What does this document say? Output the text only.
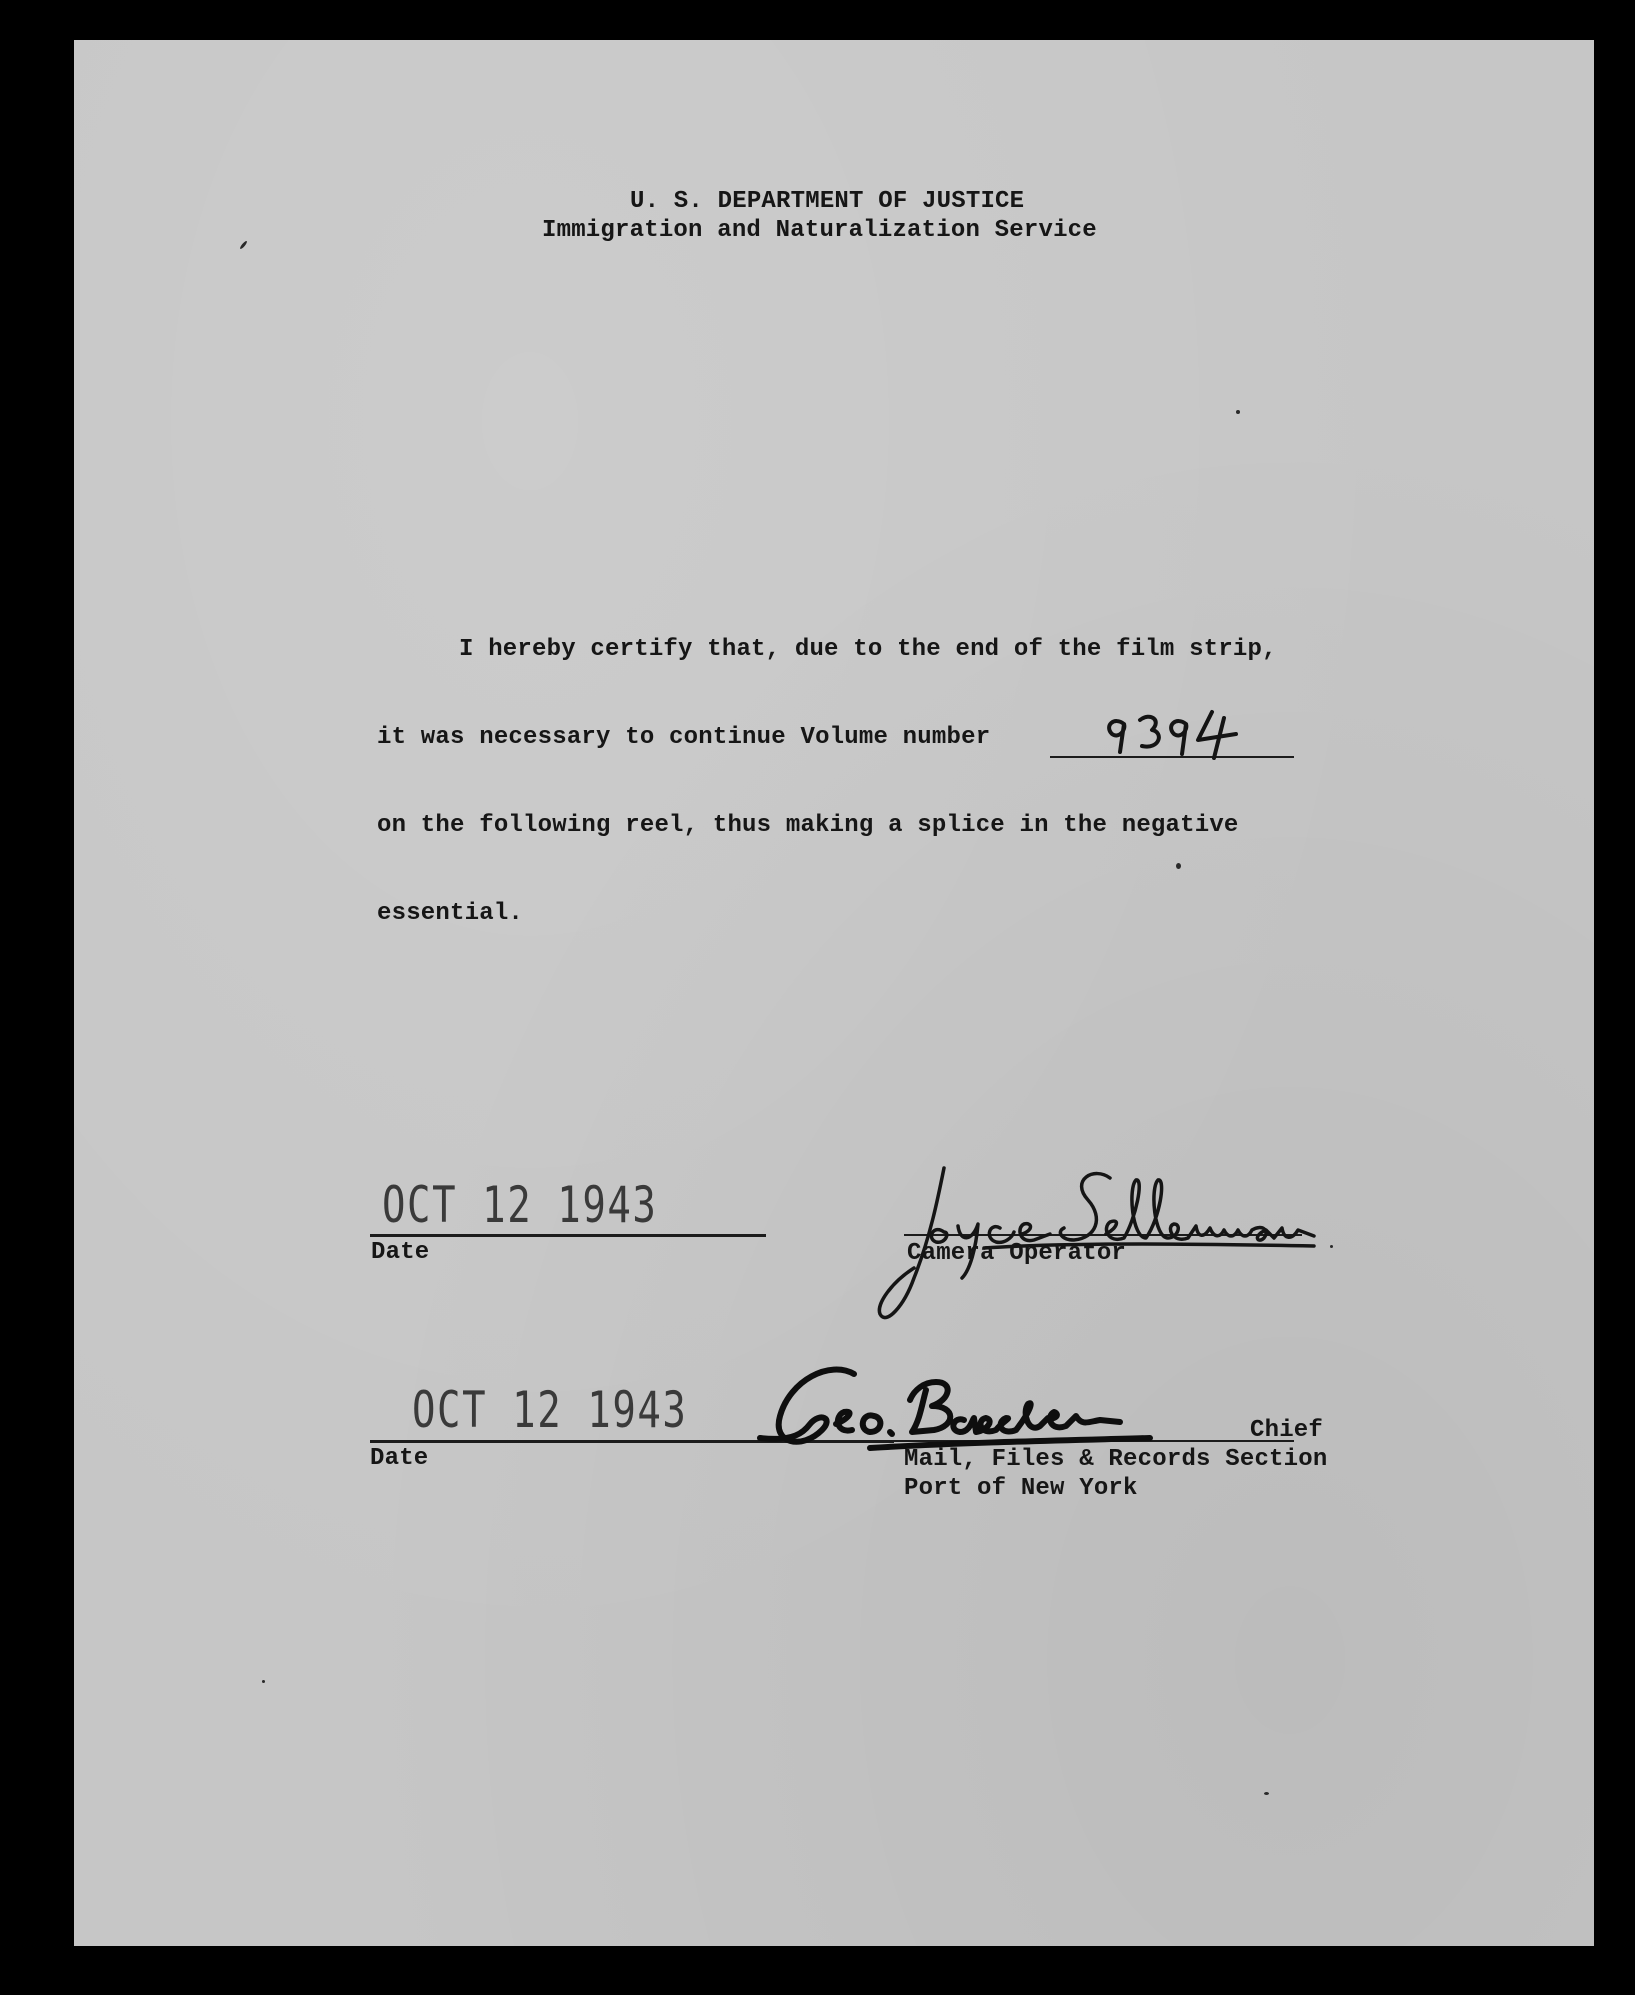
U. S. DEPARTMENT OF JUSTICE
Immigration and Naturalization Service
I hereby certify that, due to the end of the film strip,
it was necessary to continue Volume number
on the following reel, thus making a splice in the negative
essential.
OCT 12 1943
Date	Camera Operator
OCT 12 1943
Date
Chief
Mail, Files & Records Section
Port of New York
